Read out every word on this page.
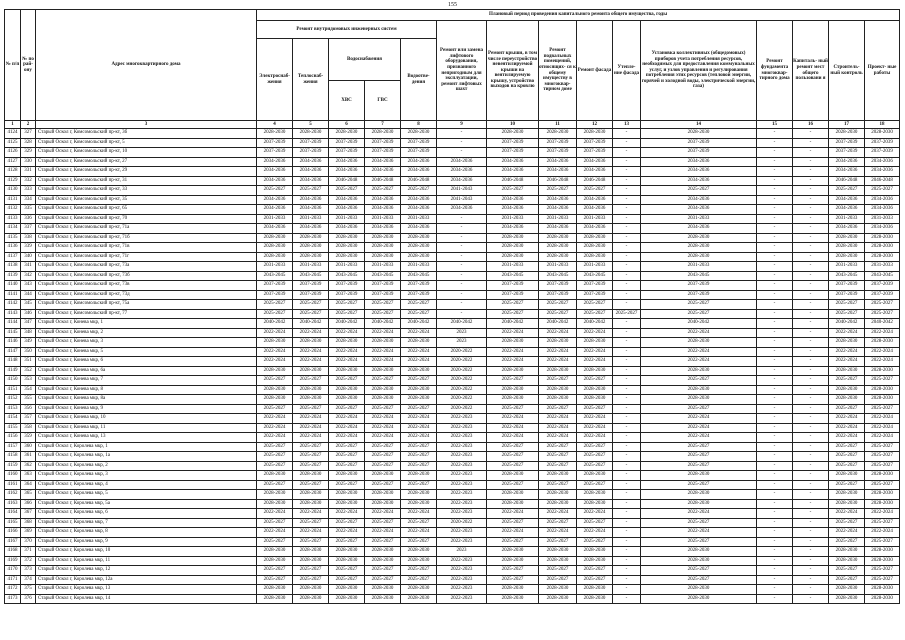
155
№ п/п	№ по рай- ону	Адрес многоквартирного дома	Плановый период проведения капитального ремонта общего имущества, годы														
			Ремонт внутридомовых инженерных систем					Ремонт или замена лифтового оборудования, признанного непригодным для эксплуатации, ремонт лифтовых шахт	Ремонт крыши, в том числе переустройство невентилируемой крыши на вентилируемую крышу, устройство выходов на кровлю	Ремонт подвальных помещений, относящих- ся к общему имуществу в многоквар- тирном доме	Ремонт фасада	Утепле- ние фасада	Установка коллективных (общедомовых) приборов учета потребления ресурсов, необходимых для предоставления коммунальных услуг, и узлов управления и регулирования потребления этих ресурсов (тепловой энергии, горячей и холодной воды, электрической энергии, газа)	Ремонт фундамента многоквар- тирного дома	Капиталь- ный ремонт мест общего пользовани я	Строитель- ный контроль	Проект- ные работы
			Электроснаб- жения	Теплоснаб- жения	Водоснабжения		Водоотве- дения										
					ХВС	ГВС											
1	2	3	4	5	6	7	8	9	10	11	12	13	14	15	16	17	18
4124	327	Старый Оскол г, Комсомольский пр-кт, 3б	2028-2030	2028-2030	2028-2030	2028-2030	2028-2030	-	2028-2030	2028-2030	2028-2030	-	2028-2030	-	-	2028-2030	2028-2030
4125	328	Старый Оскол г, Комсомольский пр-кт, 5	2037-2039	2037-2039	2037-2039	2037-2039	2037-2039	-	2037-2039	2037-2039	2037-2039	-	2037-2039	-	-	2037-2039	2037-2039
4126	329	Старый Оскол г, Комсомольский пр-кт, 10	2037-2039	2037-2039	2037-2039	2037-2039	2037-2039	-	2037-2039	2037-2039	2037-2039	-	2037-2039	-	-	2037-2039	2037-2039
4127	330	Старый Оскол г, Комсомольский пр-кт, 27	2034-2036	2034-2036	2034-2036	2034-2036	2034-2036	2034-2036	2034-2036	2034-2036	2034-2036	-	2034-2036	-	-	2034-2036	2034-2036
4128	331	Старый Оскол г, Комсомольский пр-кт, 29	2034-2036	2034-2036	2034-2036	2034-2036	2034-2036	2034-2036	2034-2036	2034-2036	2034-2036	-	2034-2036	-	-	2034-2036	2034-2036
4129	332	Старый Оскол г, Комсомольский пр-кт, 31	2034-2036	2034-2036	2046-2048	2046-2048	2046-2048	2034-2036	2046-2048	2046-2048	2046-2048	-	2034-2036	-	-	2046-2048	2046-2048
4130	333	Старый Оскол г, Комсомольский пр-кт, 33	2025-2027	2025-2027	2025-2027	2025-2027	2025-2027	2041-2043	2025-2027	2025-2027	2025-2027	-	2025-2027	-	-	2025-2027	2025-2027
4131	334	Старый Оскол г, Комсомольский пр-кт, 35	2034-2036	2034-2036	2034-2036	2034-2036	2034-2036	2041-2043	2034-2036	2034-2036	2034-2036	-	2034-2036	-	-	2034-2036	2034-2036
4132	335	Старый Оскол г, Комсомольский пр-кт, 65	2034-2036	2034-2036	2034-2036	2034-2036	2034-2036	2034-2036	2034-2036	2034-2036	2034-2036	-	2034-2036	-	-	2034-2036	2034-2036
4133	336	Старый Оскол г, Комсомольский пр-кт, 70	2031-2033	2031-2033	2031-2033	2031-2033	2031-2033	-	2031-2033	2031-2033	2031-2033	-	2031-2033	-	-	2031-2033	2031-2033
4134	337	Старый Оскол г, Комсомольский пр-кт, 71а	2034-2036	2034-2036	2034-2036	2034-2036	2034-2036	-	2034-2036	2034-2036	2034-2036	-	2034-2036	-	-	2034-2036	2034-2036
4135	338	Старый Оскол г, Комсомольский пр-кт, 71б	2028-2030	2028-2030	2028-2030	2028-2030	2028-2030	-	2028-2030	2028-2030	2028-2030	-	2028-2030	-	-	2028-2030	2028-2030
4136	339	Старый Оскол г, Комсомольский пр-кт, 71в	2028-2030	2028-2030	2028-2030	2028-2030	2028-2030	-	2028-2030	2028-2030	2028-2030	-	2028-2030	-	-	2028-2030	2028-2030
4137	340	Старый Оскол г, Комсомольский пр-кт, 71г	2028-2030	2028-2030	2028-2030	2028-2030	2028-2030	-	2028-2030	2028-2030	2028-2030	-	2028-2030	-	-	2028-2030	2028-2030
4138	341	Старый Оскол г, Комсомольский пр-кт, 73а	2031-2033	2031-2033	2031-2033	2031-2033	2031-2033	-	2031-2033	2031-2033	2031-2033	-	2031-2033	-	-	2031-2033	2031-2033
4139	342	Старый Оскол г, Комсомольский пр-кт, 73б	2043-2045	2043-2045	2043-2045	2043-2045	2043-2045	-	2043-2045	2043-2045	2043-2045	-	2043-2045	-	-	2043-2045	2043-2045
4140	343	Старый Оскол г, Комсомольский пр-кт, 73в	2037-2039	2037-2039	2037-2039	2037-2039	2037-2039	-	2037-2039	2037-2039	2037-2039	-	2037-2039	-	-	2037-2039	2037-2039
4141	344	Старый Оскол г, Комсомольский пр-кт, 73д	2037-2039	2037-2039	2037-2039	2037-2039	2037-2039	-	2037-2039	2037-2039	2037-2039	-	2037-2039	-	-	2037-2039	2037-2039
4142	345	Старый Оскол г, Комсомольский пр-кт, 75а	2025-2027	2025-2027	2025-2027	2025-2027	2025-2027	-	2025-2027	2025-2027	2025-2027	-	2025-2027	-	-	2025-2027	2025-2027
4143	346	Старый Оскол г, Комсомольский пр-кт, 77	2025-2027	2025-2027	2025-2027	2025-2027	2025-2027	-	2025-2027	2025-2027	2025-2027	2025-2027	2025-2027	-	-	2025-2027	2025-2027
4144	347	Старый Оскол г, Конева мкр, 1	2040-2042	2040-2042	2040-2042	2040-2042	2040-2042	2040-2042	2040-2042	2040-2042	2040-2042	-	2040-2042	-	-	2040-2042	2040-2042
4145	348	Старый Оскол г, Конева мкр, 2	2022-2024	2022-2024	2022-2024	2022-2024	2022-2024	2023	2022-2024	2022-2024	2022-2024	-	2022-2024	-	-	2022-2024	2022-2024
4146	349	Старый Оскол г, Конева мкр, 3	2028-2030	2028-2030	2028-2030	2028-2030	2028-2030	2023	2028-2030	2028-2030	2028-2030	-	2028-2030	-	-	2028-2030	2028-2030
4147	350	Старый Оскол г, Конева мкр, 5	2022-2024	2022-2024	2022-2024	2022-2024	2022-2024	2020-2022	2022-2024	2022-2024	2022-2024	-	2022-2024	-	-	2022-2024	2022-2024
4148	351	Старый Оскол г, Конева мкр, 6	2022-2024	2022-2024	2022-2024	2022-2024	2022-2024	2020-2022	2022-2024	2022-2024	2022-2024	-	2022-2024	-	-	2022-2024	2022-2024
4149	352	Старый Оскол г, Конева мкр, 6а	2028-2030	2028-2030	2028-2030	2028-2030	2028-2030	2020-2022	2028-2030	2028-2030	2028-2030	-	2028-2030	-	-	2028-2030	2028-2030
4150	353	Старый Оскол г, Конева мкр, 7	2025-2027	2025-2027	2025-2027	2025-2027	2025-2027	2020-2022	2025-2027	2025-2027	2025-2027	-	2025-2027	-	-	2025-2027	2025-2027
4151	354	Старый Оскол г, Конева мкр, 8	2028-2030	2028-2030	2028-2030	2028-2030	2028-2030	2020-2022	2028-2030	2028-2030	2028-2030	-	2028-2030	-	-	2028-2030	2028-2030
4152	355	Старый Оскол г, Конева мкр, 8а	2028-2030	2028-2030	2028-2030	2028-2030	2028-2030	2020-2022	2028-2030	2028-2030	2028-2030	-	2028-2030	-	-	2028-2030	2028-2030
4153	356	Старый Оскол г, Конева мкр, 9	2025-2027	2025-2027	2025-2027	2025-2027	2025-2027	2020-2022	2025-2027	2025-2027	2025-2027	-	2025-2027	-	-	2025-2027	2025-2027
4154	357	Старый Оскол г, Конева мкр, 10	2022-2024	2022-2024	2022-2024	2022-2024	2022-2024	2022-2023	2022-2024	2022-2024	2022-2024	-	2022-2024	-	-	2022-2024	2022-2024
4155	358	Старый Оскол г, Конева мкр, 11	2022-2024	2022-2024	2022-2024	2022-2024	2022-2024	2022-2023	2022-2024	2022-2024	2022-2024	-	2022-2024	-	-	2022-2024	2022-2024
4156	359	Старый Оскол г, Конева мкр, 13	2022-2024	2022-2024	2022-2024	2022-2024	2022-2024	2022-2023	2022-2024	2022-2024	2022-2024	-	2022-2024	-	-	2022-2024	2022-2024
4157	360	Старый Оскол г, Королева мкр, 1	2025-2027	2025-2027	2025-2027	2025-2027	2025-2027	2022-2023	2025-2027	2025-2027	2025-2027	-	2025-2027	-	-	2025-2027	2025-2027
4158	361	Старый Оскол г, Королева мкр, 1а	2025-2027	2025-2027	2025-2027	2025-2027	2025-2027	2022-2023	2025-2027	2025-2027	2025-2027	-	2025-2027	-	-	2025-2027	2025-2027
4159	362	Старый Оскол г, Королева мкр, 2	2025-2027	2025-2027	2025-2027	2025-2027	2025-2027	2022-2023	2025-2027	2025-2027	2025-2027	-	2025-2027	-	-	2025-2027	2025-2027
4160	363	Старый Оскол г, Королева мкр, 3	2028-2030	2028-2030	2028-2030	2028-2030	2028-2030	2022-2023	2028-2030	2028-2030	2028-2030	-	2028-2030	-	-	2028-2030	2028-2030
4161	364	Старый Оскол г, Королева мкр, 4	2025-2027	2025-2027	2025-2027	2025-2027	2025-2027	2022-2023	2025-2027	2025-2027	2025-2027	-	2025-2027	-	-	2025-2027	2025-2027
4162	365	Старый Оскол г, Королева мкр, 5	2028-2030	2028-2030	2028-2030	2028-2030	2028-2030	2022-2023	2028-2030	2028-2030	2028-2030	-	2028-2030	-	-	2028-2030	2028-2030
4163	366	Старый Оскол г, Королева мкр, 5а	2028-2030	2028-2030	2028-2030	2028-2030	2028-2030	2022-2023	2028-2030	2028-2030	2028-2030	-	2028-2030	-	-	2028-2030	2028-2030
4164	367	Старый Оскол г, Королева мкр, 6	2022-2024	2022-2024	2022-2024	2022-2024	2022-2024	2022-2023	2022-2024	2022-2024	2022-2024	-	2022-2024	-	-	2022-2024	2022-2024
4165	368	Старый Оскол г, Королева мкр, 7	2025-2027	2025-2027	2025-2027	2025-2027	2025-2027	2020-2022	2025-2027	2025-2027	2025-2027	-	2025-2027	-	-	2025-2027	2025-2027
4166	369	Старый Оскол г, Королева мкр, 8	2022-2024	2022-2024	2022-2024	2022-2024	2022-2024	2022-2023	2022-2024	2022-2024	2022-2024	-	2022-2024	-	-	2022-2024	2022-2024
4167	370	Старый Оскол г, Королева мкр, 9	2025-2027	2025-2027	2025-2027	2025-2027	2025-2027	2022-2023	2025-2027	2025-2027	2025-2027	-	2025-2027	-	-	2025-2027	2025-2027
4168	371	Старый Оскол г, Королева мкр, 10	2028-2030	2028-2030	2028-2030	2028-2030	2028-2030	2023	2028-2030	2028-2030	2028-2030	-	2028-2030	-	-	2028-2030	2028-2030
4169	372	Старый Оскол г, Королева мкр, 11	2028-2030	2028-2030	2028-2030	2028-2030	2028-2030	2022-2023	2028-2030	2028-2030	2028-2030	-	2028-2030	-	-	2028-2030	2028-2030
4170	373	Старый Оскол г, Королева мкр, 12	2025-2027	2025-2027	2025-2027	2025-2027	2025-2027	2022-2023	2025-2027	2025-2027	2025-2027	-	2025-2027	-	-	2025-2027	2025-2027
4171	374	Старый Оскол г, Королева мкр, 12а	2025-2027	2025-2027	2025-2027	2025-2027	2025-2027	2022-2023	2025-2027	2025-2027	2025-2027	-	2025-2027	-	-	2025-2027	2025-2027
4172	375	Старый Оскол г, Королева мкр, 13	2028-2030	2028-2030	2028-2030	2028-2030	2028-2030	2022-2023	2028-2030	2028-2030	2028-2030	-	2028-2030	-	-	2028-2030	2028-2030
4173	376	Старый Оскол г, Королева мкр, 14	2028-2030	2028-2030	2028-2030	2028-2030	2028-2030	2022-2023	2028-2030	2028-2030	2028-2030	-	2028-2030	-	-	2028-2030	2028-2030
